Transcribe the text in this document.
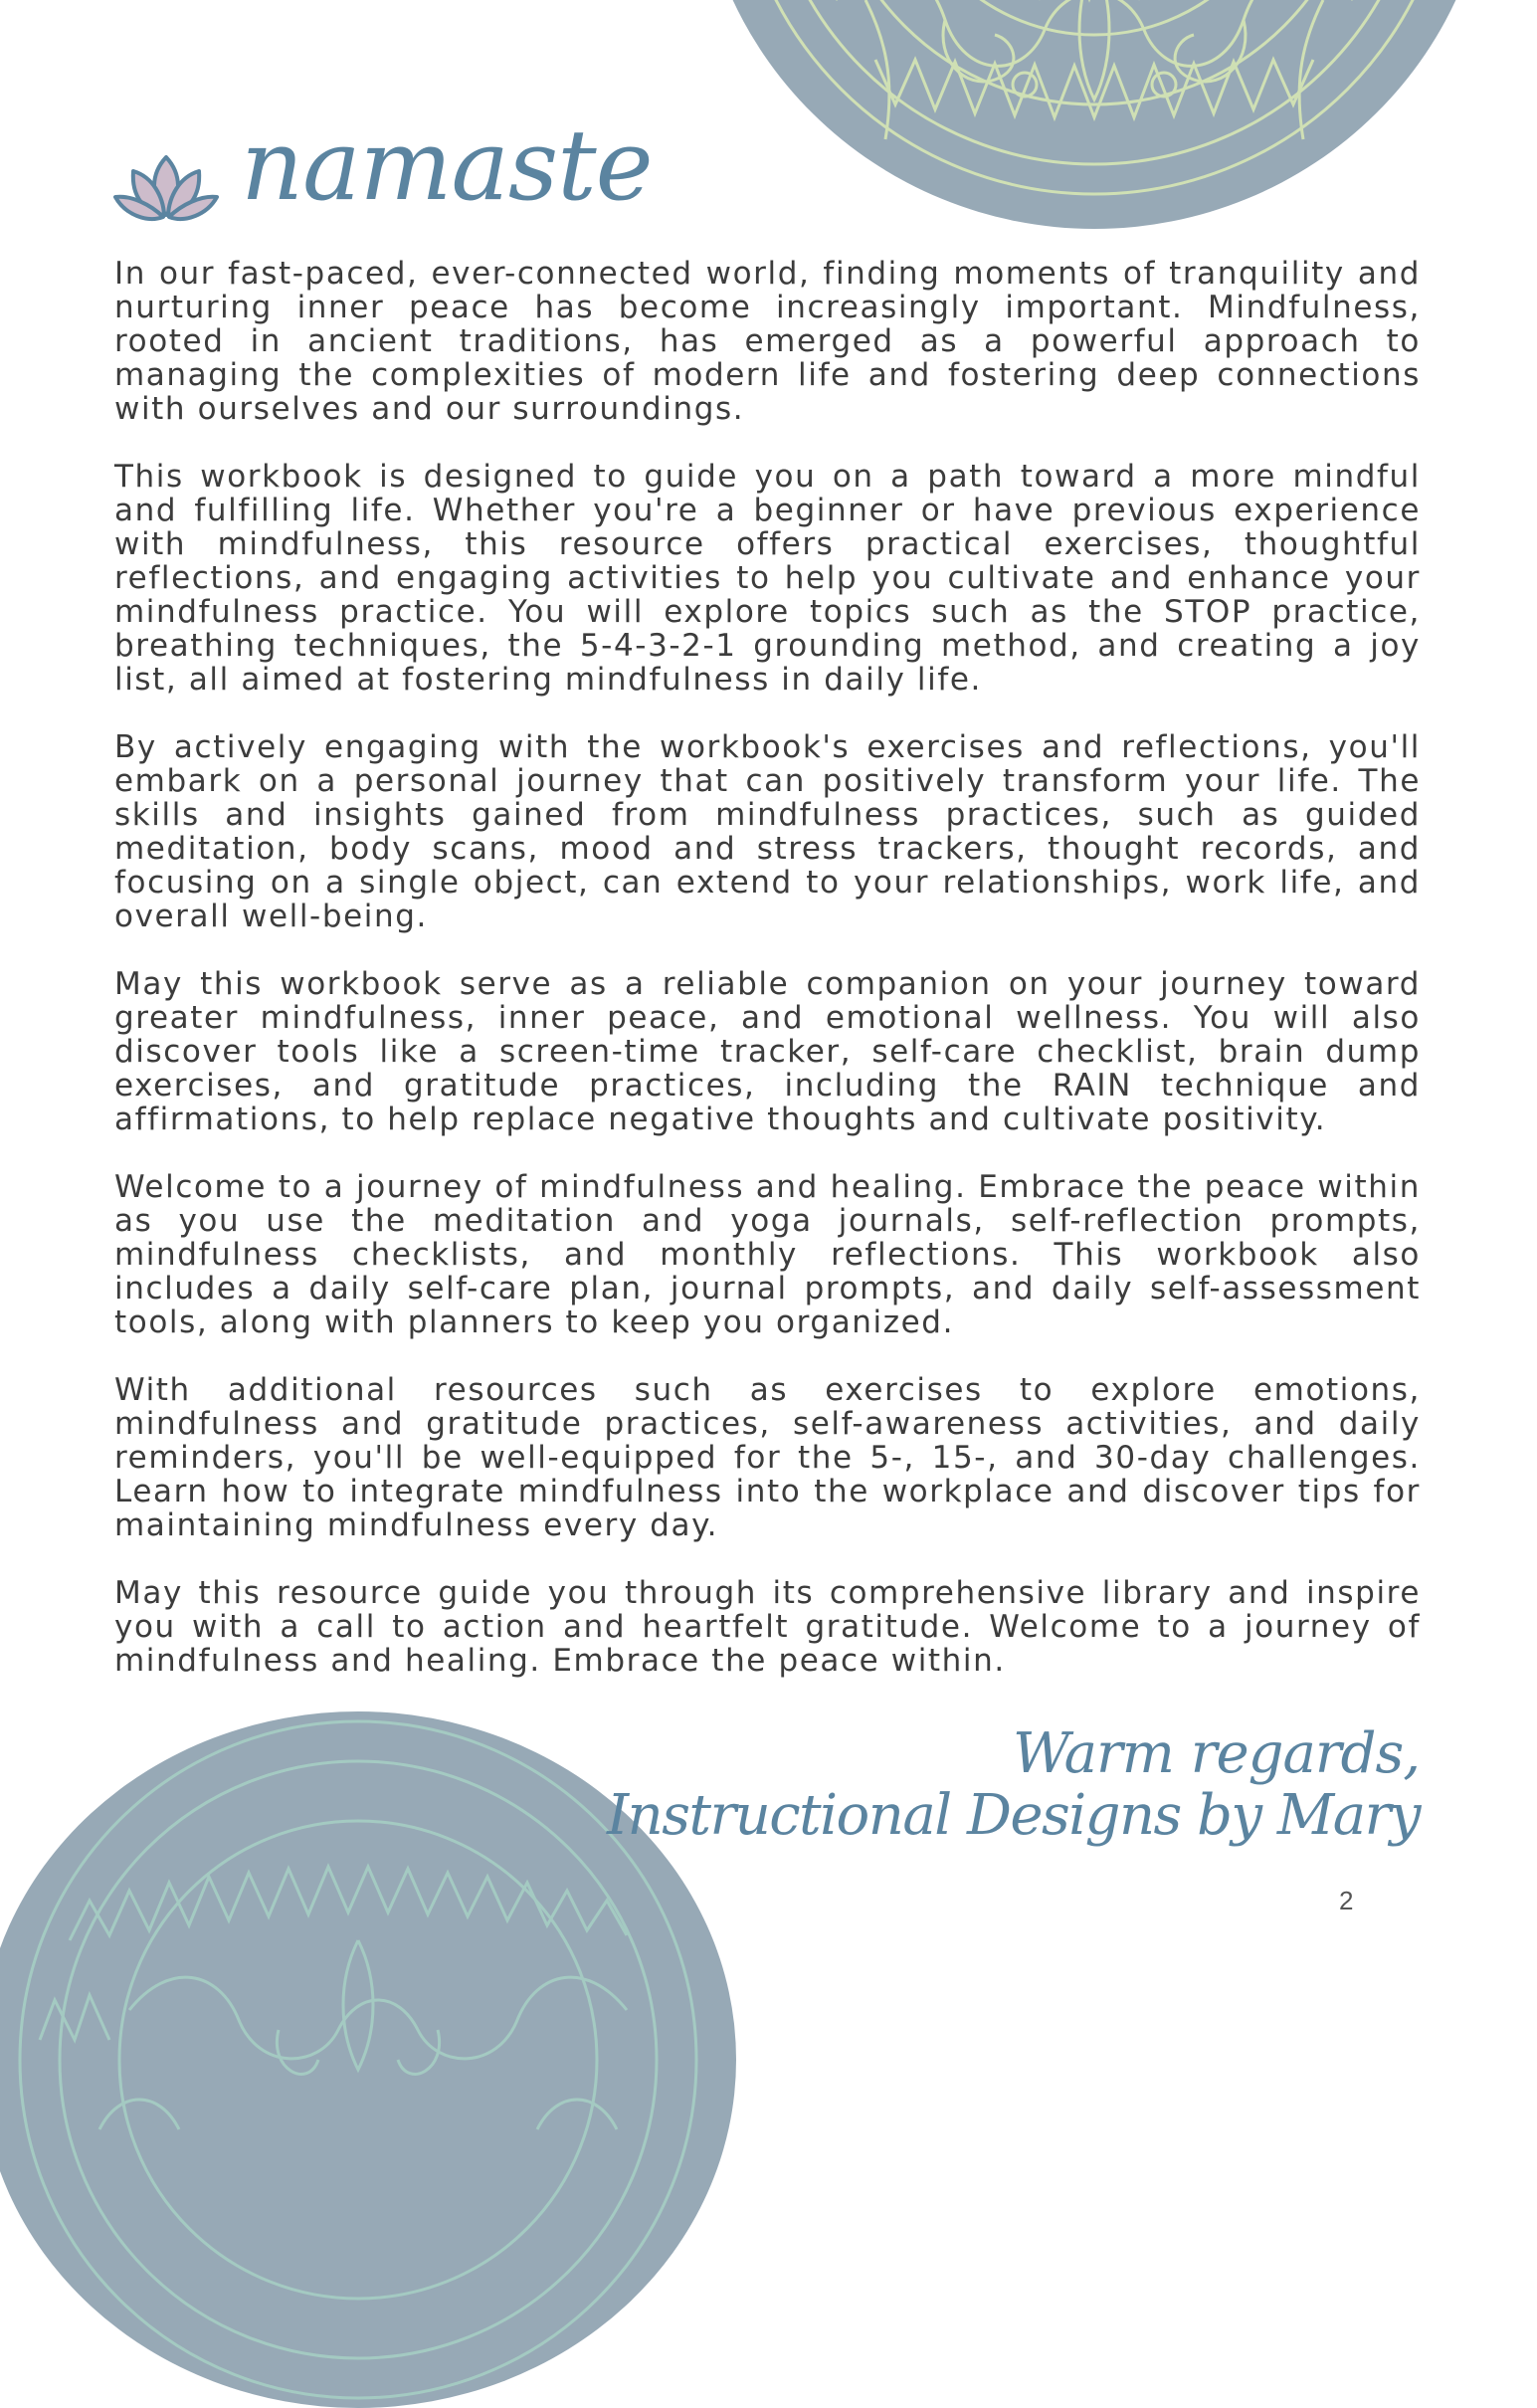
namaste

In our fast-paced, ever-connected world, finding moments of tranquility and nurturing inner peace has become increasingly important. Mindfulness, rooted in ancient traditions, has emerged as a powerful approach to managing the complexities of modern life and fostering deep connections with ourselves and our surroundings.

This workbook is designed to guide you on a path toward a more mindful and fulfilling life. Whether you're a beginner or have previous experience with mindfulness, this resource offers practical exercises, thoughtful reflections, and engaging activities to help you cultivate and enhance your mindfulness practice. You will explore topics such as the STOP practice, breathing techniques, the 5-4-3-2-1 grounding method, and creating a joy list, all aimed at fostering mindfulness in daily life.

By actively engaging with the workbook's exercises and reflections, you'll embark on a personal journey that can positively transform your life. The skills and insights gained from mindfulness practices, such as guided meditation, body scans, mood and stress trackers, thought records, and focusing on a single object, can extend to your relationships, work life, and overall well-being.

May this workbook serve as a reliable companion on your journey toward greater mindfulness, inner peace, and emotional wellness. You will also discover tools like a screen-time tracker, self-care checklist, brain dump exercises, and gratitude practices, including the RAIN technique and affirmations, to help replace negative thoughts and cultivate positivity.

Welcome to a journey of mindfulness and healing. Embrace the peace within as you use the meditation and yoga journals, self-reflection prompts, mindfulness checklists, and monthly reflections. This workbook also includes a daily self-care plan, journal prompts, and daily self-assessment tools, along with planners to keep you organized.

With additional resources such as exercises to explore emotions, mindfulness and gratitude practices, self-awareness activities, and daily reminders, you'll be well-equipped for the 5-, 15-, and 30-day challenges. Learn how to integrate mindfulness into the workplace and discover tips for maintaining mindfulness every day.

May this resource guide you through its comprehensive library and inspire you with a call to action and heartfelt gratitude. Welcome to a journey of mindfulness and healing. Embrace the peace within.

Warm regards,
Instructional Designs by Mary
2
